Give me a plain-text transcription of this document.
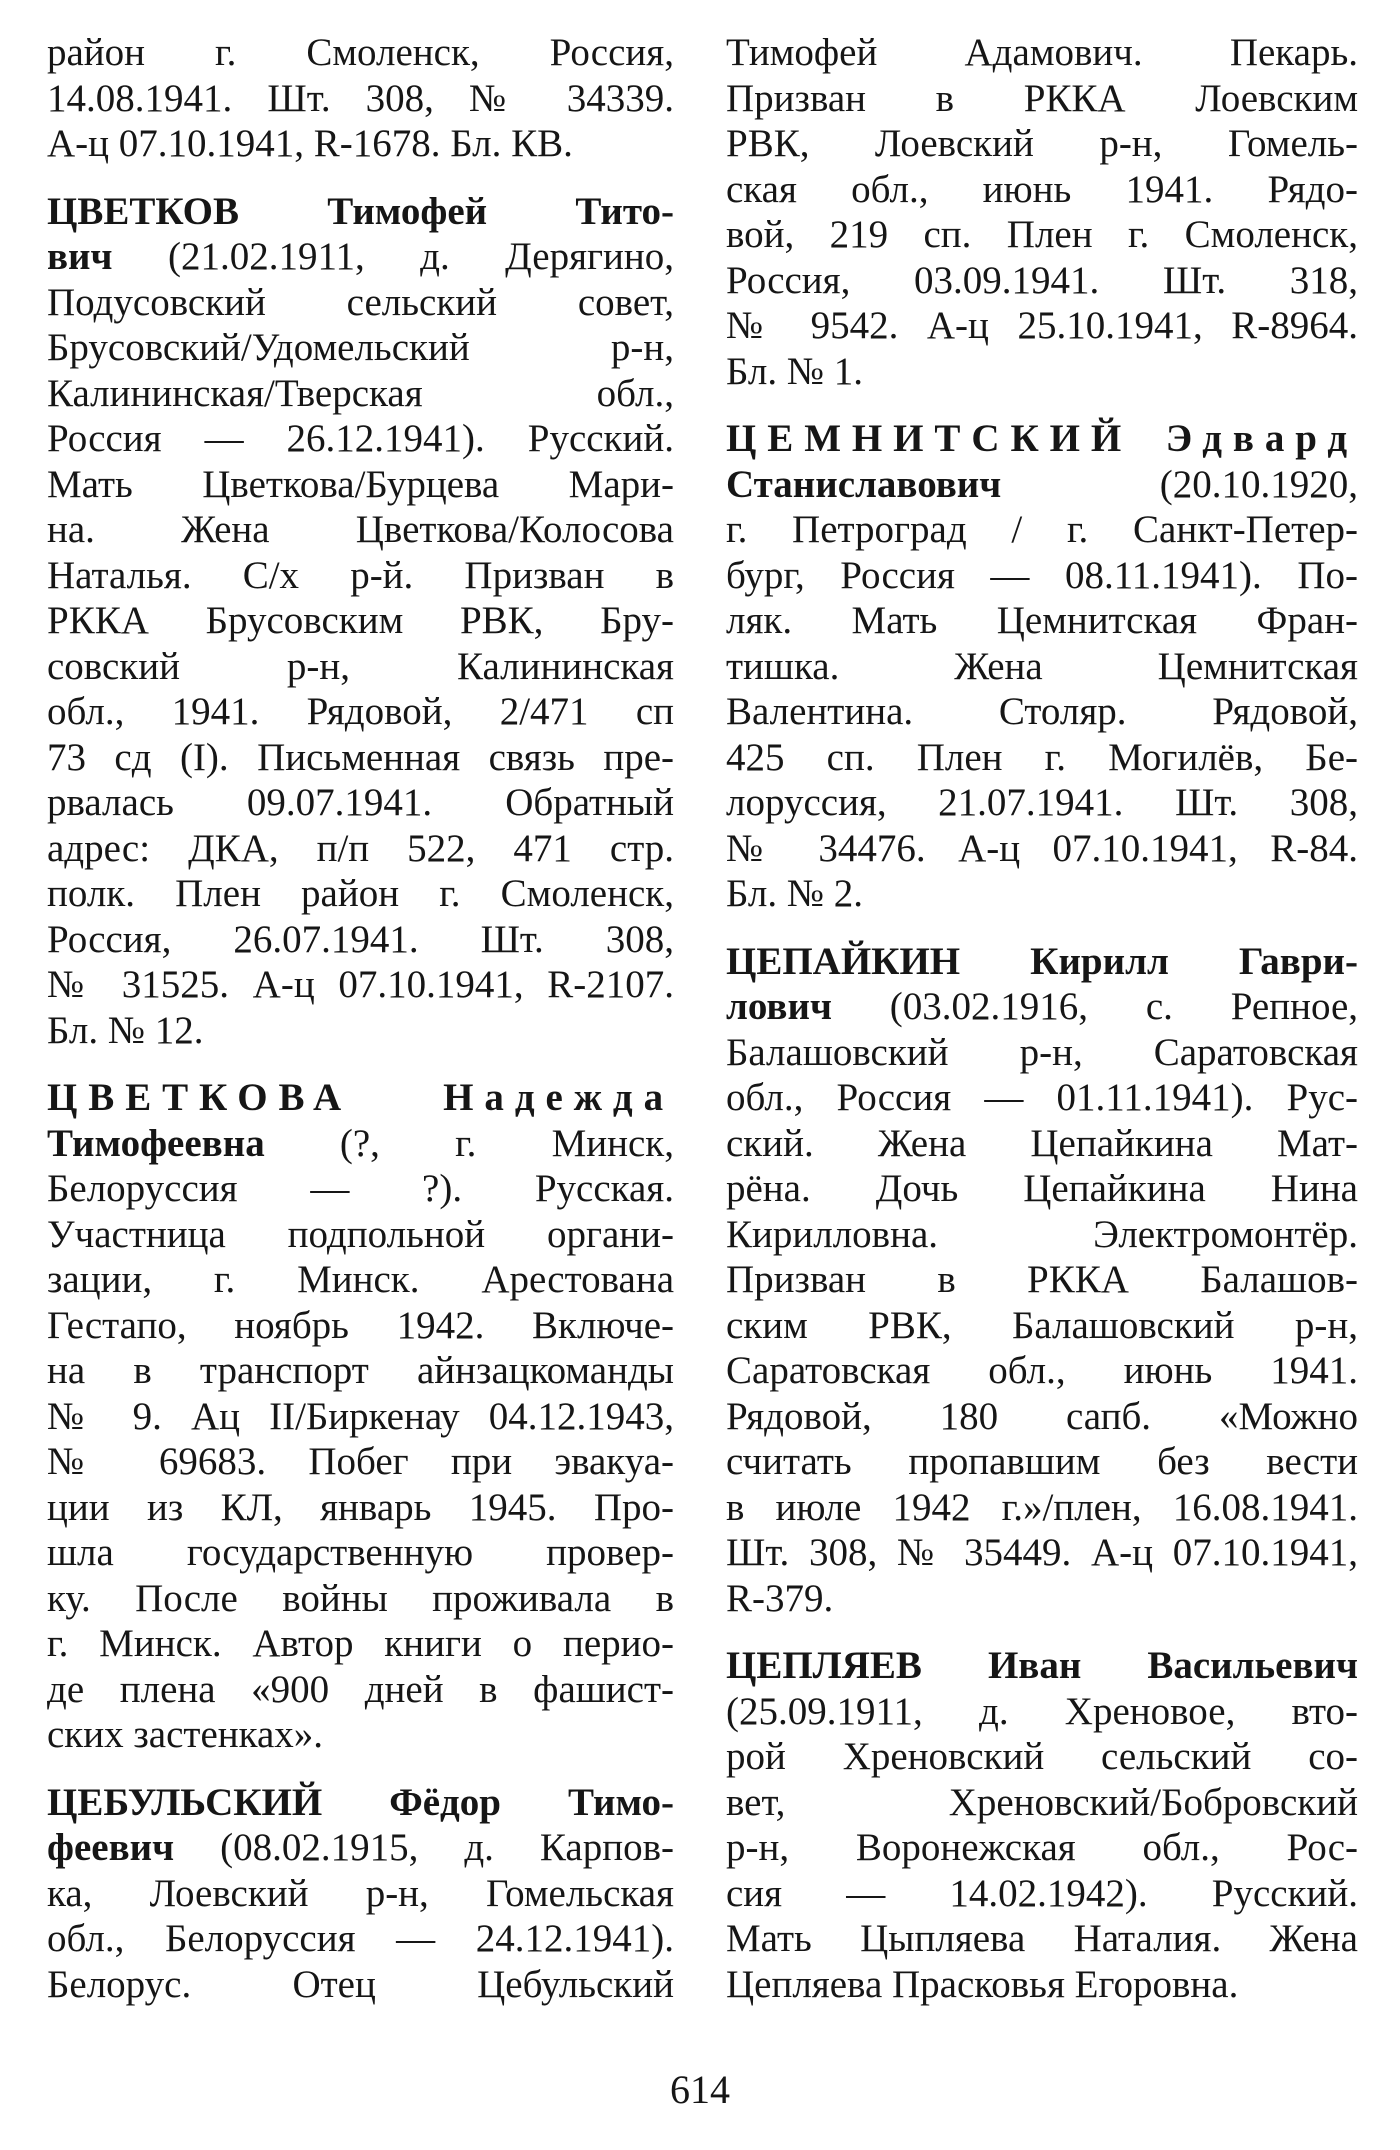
район г. Смоленск, Россия,
14.08.1941. Шт. 308, № 34339.
А-ц 07.10.1941, R-1678. Бл. КВ.

ЦВЕТКОВ Тимофей Тито-
вич (21.02.1911, д. Дерягино,
Подусовский сельский совет,
Брусовский/Удомельский р-н,
Калининская/Тверская обл.,
Россия — 26.12.1941). Русский.
Мать Цветкова/Бурцева Мари-
на. Жена Цветкова/Колосова
Наталья. С/х р-й. Призван в
РККА Брусовским РВК, Бру-
совский р-н, Калининская
обл., 1941. Рядовой, 2/471 сп
73 сд (I). Письменная связь пре-
рвалась 09.07.1941. Обратный
адрес: ДКА, п/п 522, 471 стр.
полк. Плен район г. Смоленск,
Россия, 26.07.1941. Шт. 308,
№ 31525. А-ц 07.10.1941, R-2107.
Бл. № 12.

ЦВЕТКОВА Надежда
Тимофеевна (?, г. Минск,
Белоруссия — ?). Русская.
Участница подпольной органи-
зации, г. Минск. Арестована
Гестапо, ноябрь 1942. Включе-
на в транспорт айнзацкоманды
№ 9. Ац II/Биркенау 04.12.1943,
№ 69683. Побег при эвакуа-
ции из КЛ, январь 1945. Про-
шла государственную провер-
ку. После войны проживала в
г. Минск. Автор книги о перио-
де плена «900 дней в фашист-
ских застенках».

ЦЕБУЛЬСКИЙ Фёдор Тимо-
феевич (08.02.1915, д. Карпов-
ка, Лоевский р-н, Гомельская
обл., Белоруссия — 24.12.1941).
Белорус. Отец Цебульский

Тимофей Адамович. Пекарь.
Призван в РККА Лоевским
РВК, Лоевский р-н, Гомель-
ская обл., июнь 1941. Рядо-
вой, 219 сп. Плен г. Смоленск,
Россия, 03.09.1941. Шт. 318,
№ 9542. А-ц 25.10.1941, R-8964.
Бл. № 1.

ЦЕМНИТСКИЙ Эдвард
Станиславович (20.10.1920,
г. Петроград / г. Санкт-Петер-
бург, Россия — 08.11.1941). По-
ляк. Мать Цемнитская Фран-
тишка. Жена Цемнитская
Валентина. Столяр. Рядовой,
425 сп. Плен г. Могилёв, Бе-
лоруссия, 21.07.1941. Шт. 308,
№ 34476. А-ц 07.10.1941, R-84.
Бл. № 2.

ЦЕПАЙКИН Кирилл Гаври-
лович (03.02.1916, с. Репное,
Балашовский р-н, Саратовская
обл., Россия — 01.11.1941). Рус-
ский. Жена Цепайкина Мат-
рёна. Дочь Цепайкина Нина
Кирилловна. Электромонтёр.
Призван в РККА Балашов-
ским РВК, Балашовский р-н,
Саратовская обл., июнь 1941.
Рядовой, 180 сапб. «Можно
считать пропавшим без вести
в июле 1942 г.»/плен, 16.08.1941.
Шт. 308, № 35449. А-ц 07.10.1941,
R-379.

ЦЕПЛЯЕВ Иван Васильевич
(25.09.1911, д. Хреновое, вто-
рой Хреновский сельский со-
вет, Хреновский/Бобровский
р-н, Воронежская обл., Рос-
сия — 14.02.1942). Русский.
Мать Цыпляева Наталия. Жена
Цепляева Прасковья Егоровна.

614
